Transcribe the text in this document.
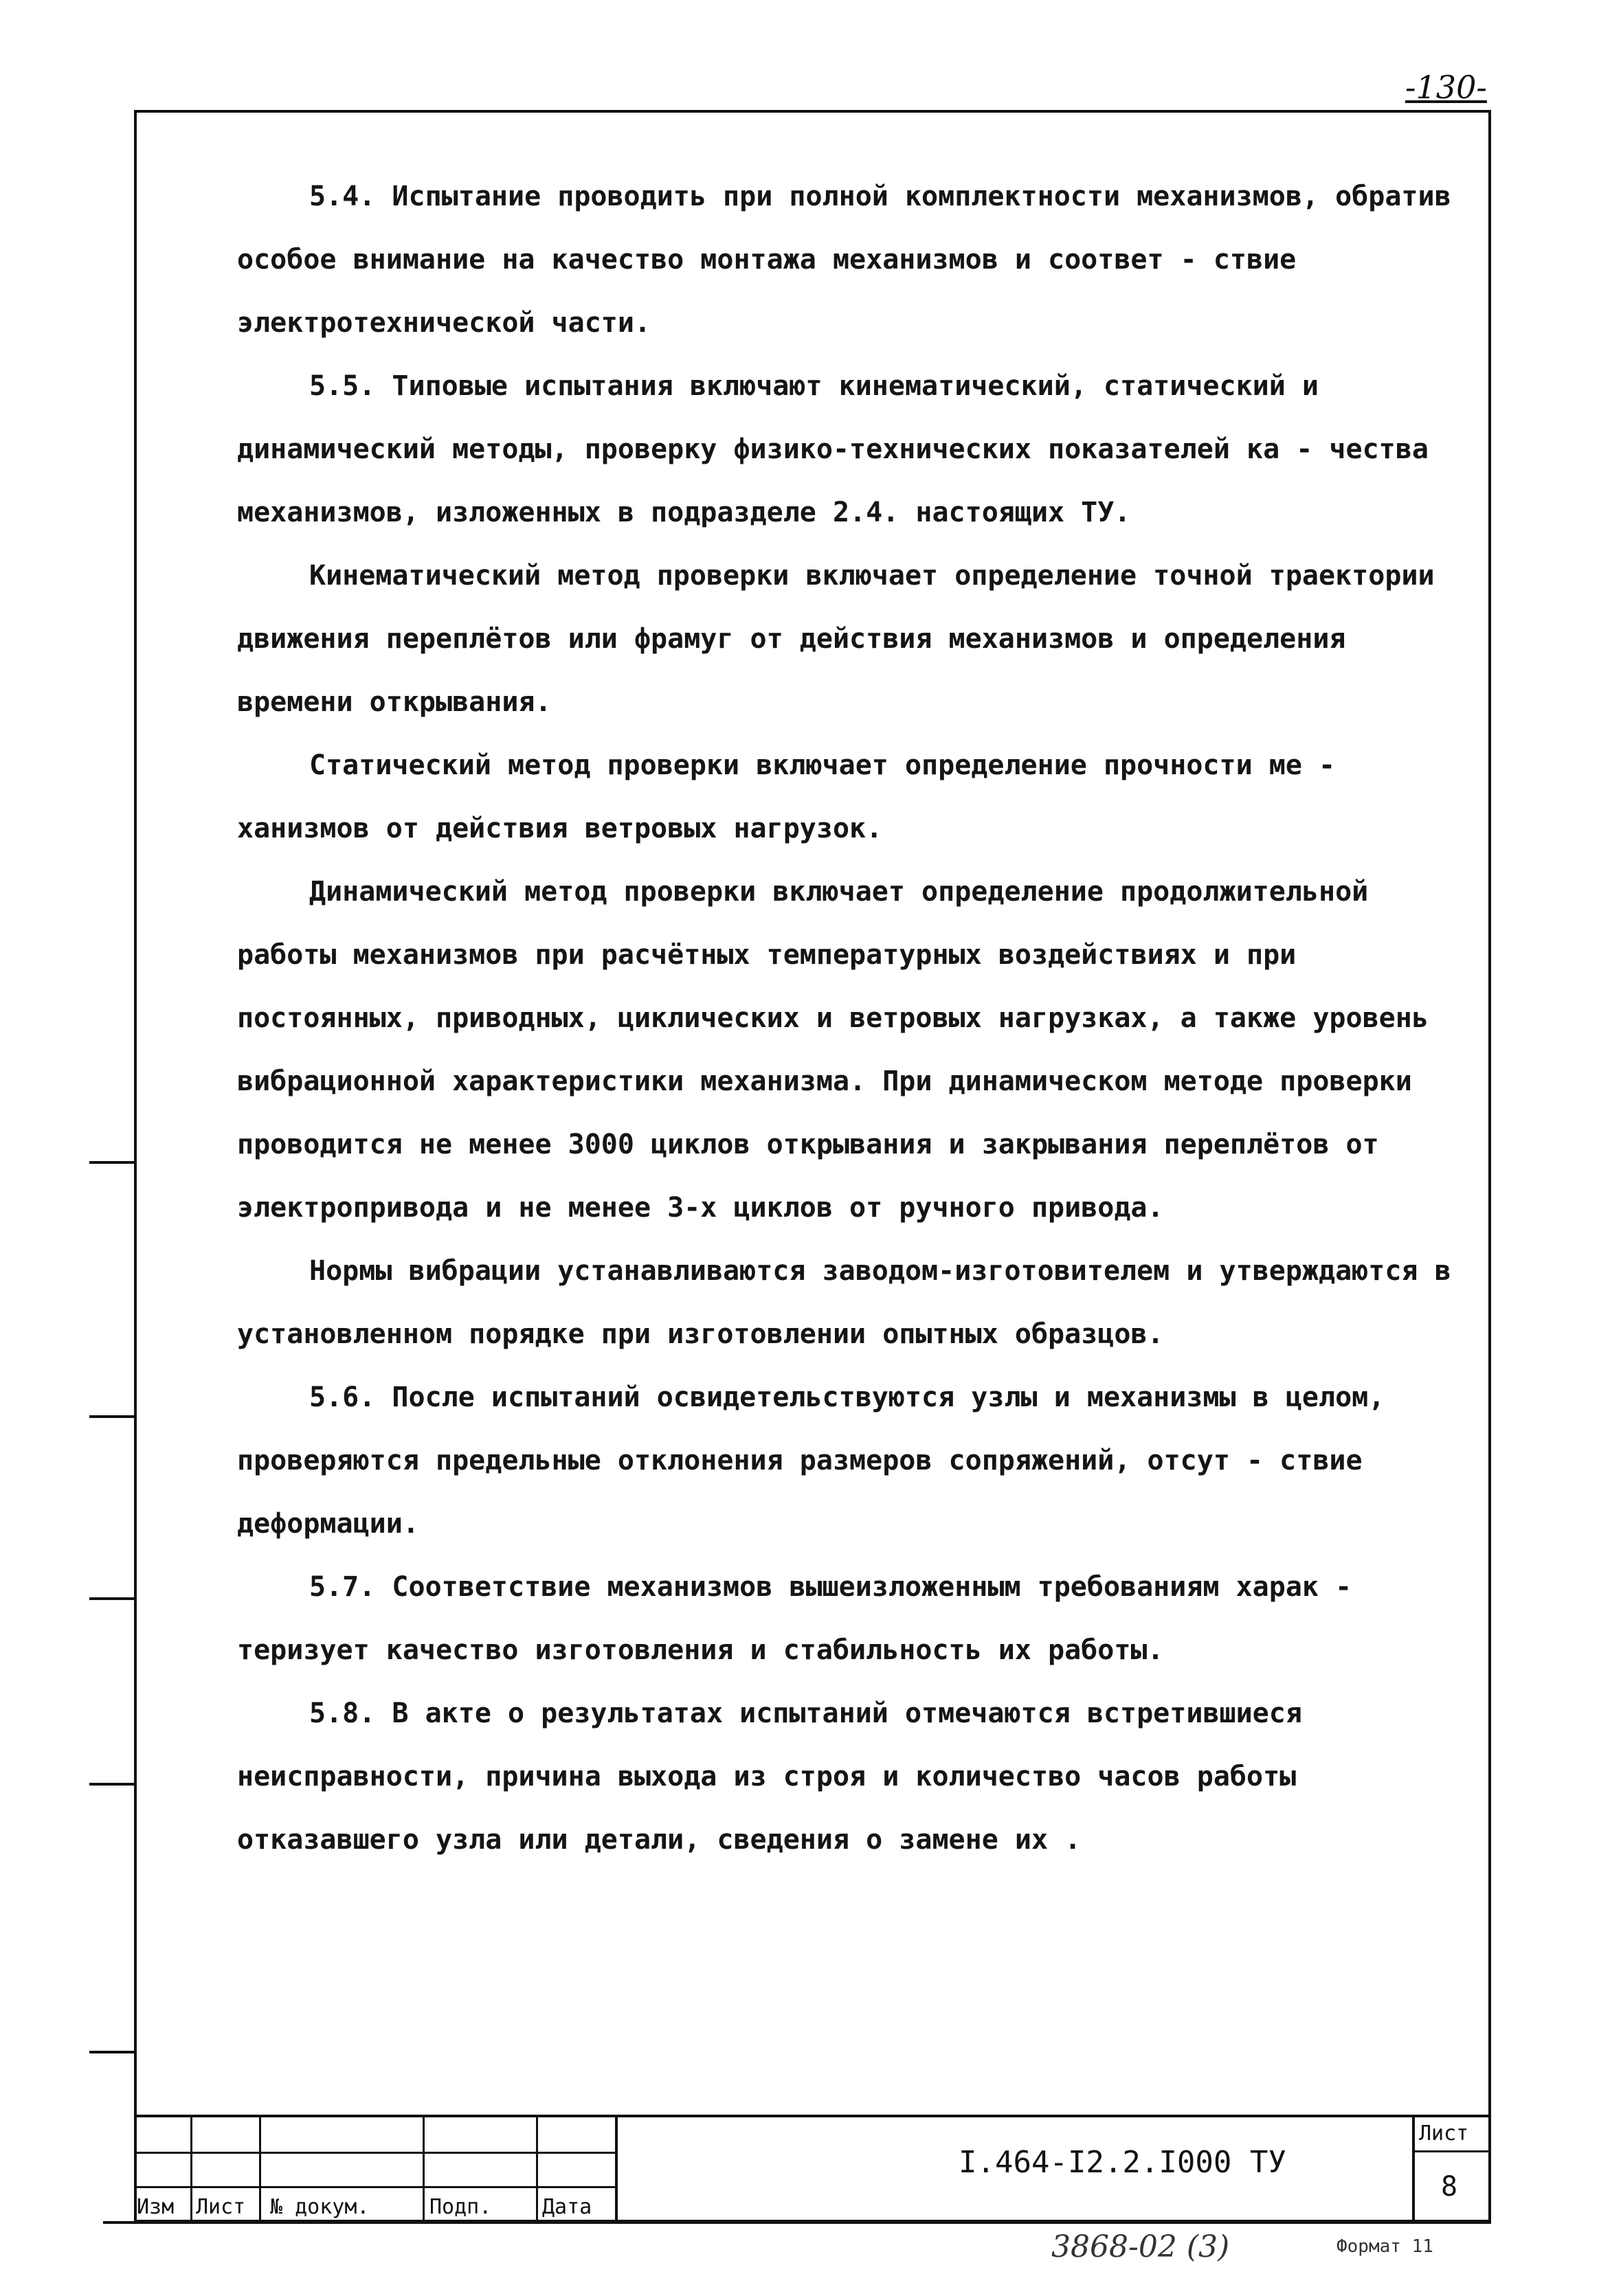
-130-

5.4. Испытание проводить при полной комплектности механизмов, обратив особое внимание на качество монтажа механизмов и соответ - ствие электротехнической части.

5.5. Типовые испытания включают кинематический, статический и динамический методы, проверку физико-технических показателей ка - чества механизмов, изложенных в подразделе 2.4. настоящих ТУ.

Кинематический метод проверки включает определение точной траектории движения переплётов или фрамуг от действия механизмов и определения времени открывания.

Статический метод проверки включает определение прочности ме - ханизмов от действия ветровых нагрузок.

Динамический метод проверки включает определение продолжительной работы механизмов при расчётных температурных воздействиях и при постоянных, приводных, циклических и ветровых нагрузках, а также уровень вибрационной характеристики механизма. При динамическом методе проверки проводится не менее 3000 циклов открывания и закрывания переплётов от электропривода и не менее 3-х циклов от ручного привода.

Нормы вибрации устанавливаются заводом-изготовителем и утверждаются в установленном порядке при изготовлении опытных образцов.

5.6. После испытаний освидетельствуются узлы и механизмы в целом, проверяются предельные отклонения размеров сопряжений, отсут - ствие деформации.

5.7. Соответствие механизмов вышеизложенным требованиям харак - теризует качество изготовления и стабильность их работы.

5.8. В акте о результатах испытаний отмечаются встретившиеся неисправности, причина выхода из строя и количество часов работы отказавшего узла или детали, сведения о замене их .

Изм Лист № докум.	Подп. Дата
I.464-I2.2.I000 ТУ
Лист
8
3868-02 (3)	Формат 11
